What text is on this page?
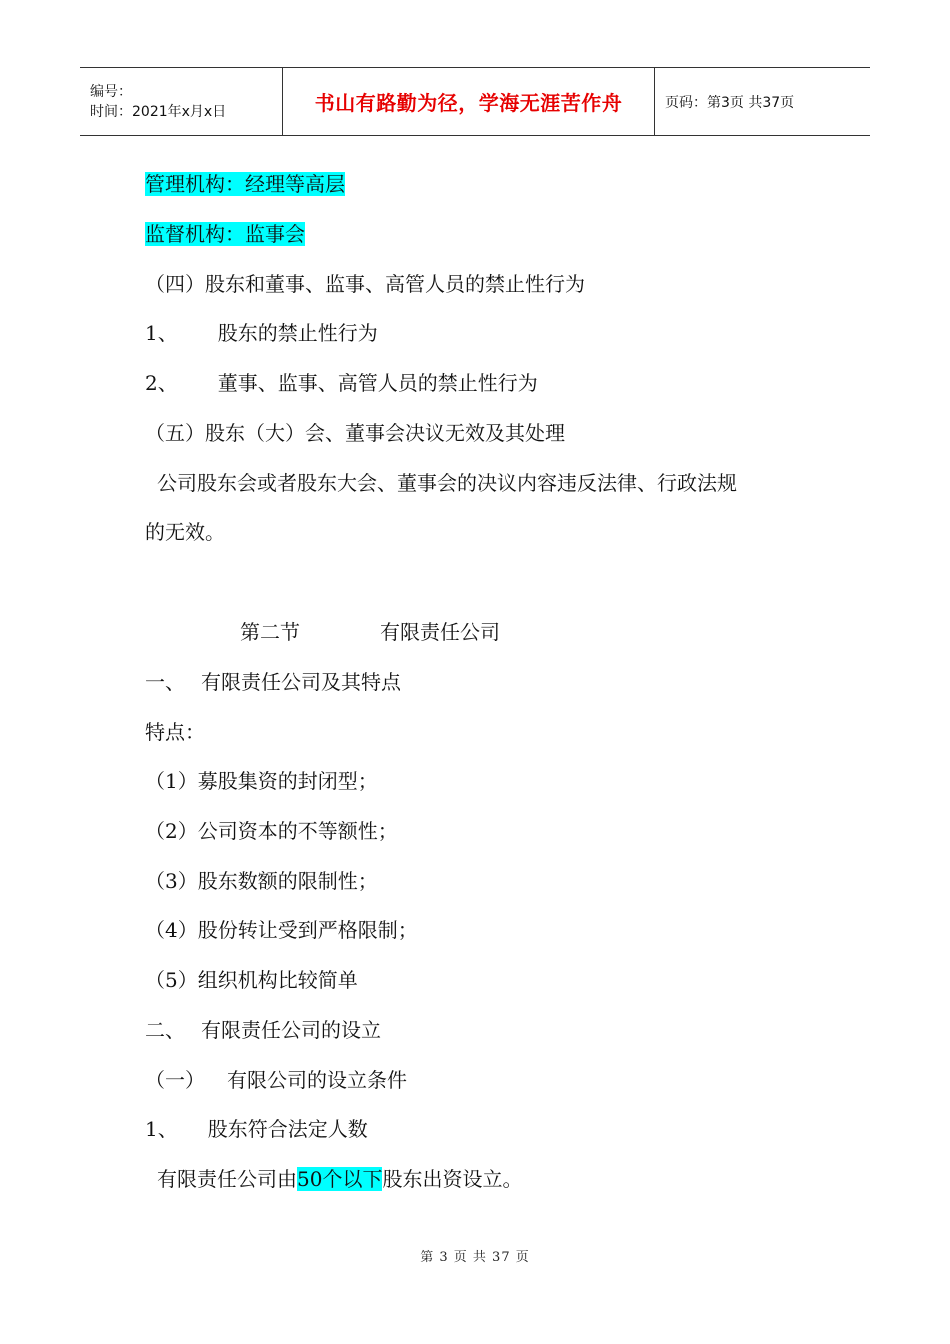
编号：
时间：2021年x月x日	书山有路勤为径，学海无涯苦作舟	页码：第3页 共37页
管理机构：经理等高层
监督机构：监事会
（四）股东和董事、监事、高管人员的禁止性行为
1、 股东的禁止性行为
2、 董事、监事、高管人员的禁止性行为
（五）股东（大）会、董事会决议无效及其处理
公司股东会或者股东大会、董事会的决议内容违反法律、行政法规
的无效。
第二节	有限责任公司
一、 有限责任公司及其特点
特点：
（1）募股集资的封闭型；
（2）公司资本的不等额性；
（3）股东数额的限制性；
（4）股份转让受到严格限制；
（5）组织机构比较简单
二、 有限责任公司的设立
（一） 有限公司的设立条件
1、 股东符合法定人数
有限责任公司由50个以下股东出资设立。
第 3 页 共 37 页
